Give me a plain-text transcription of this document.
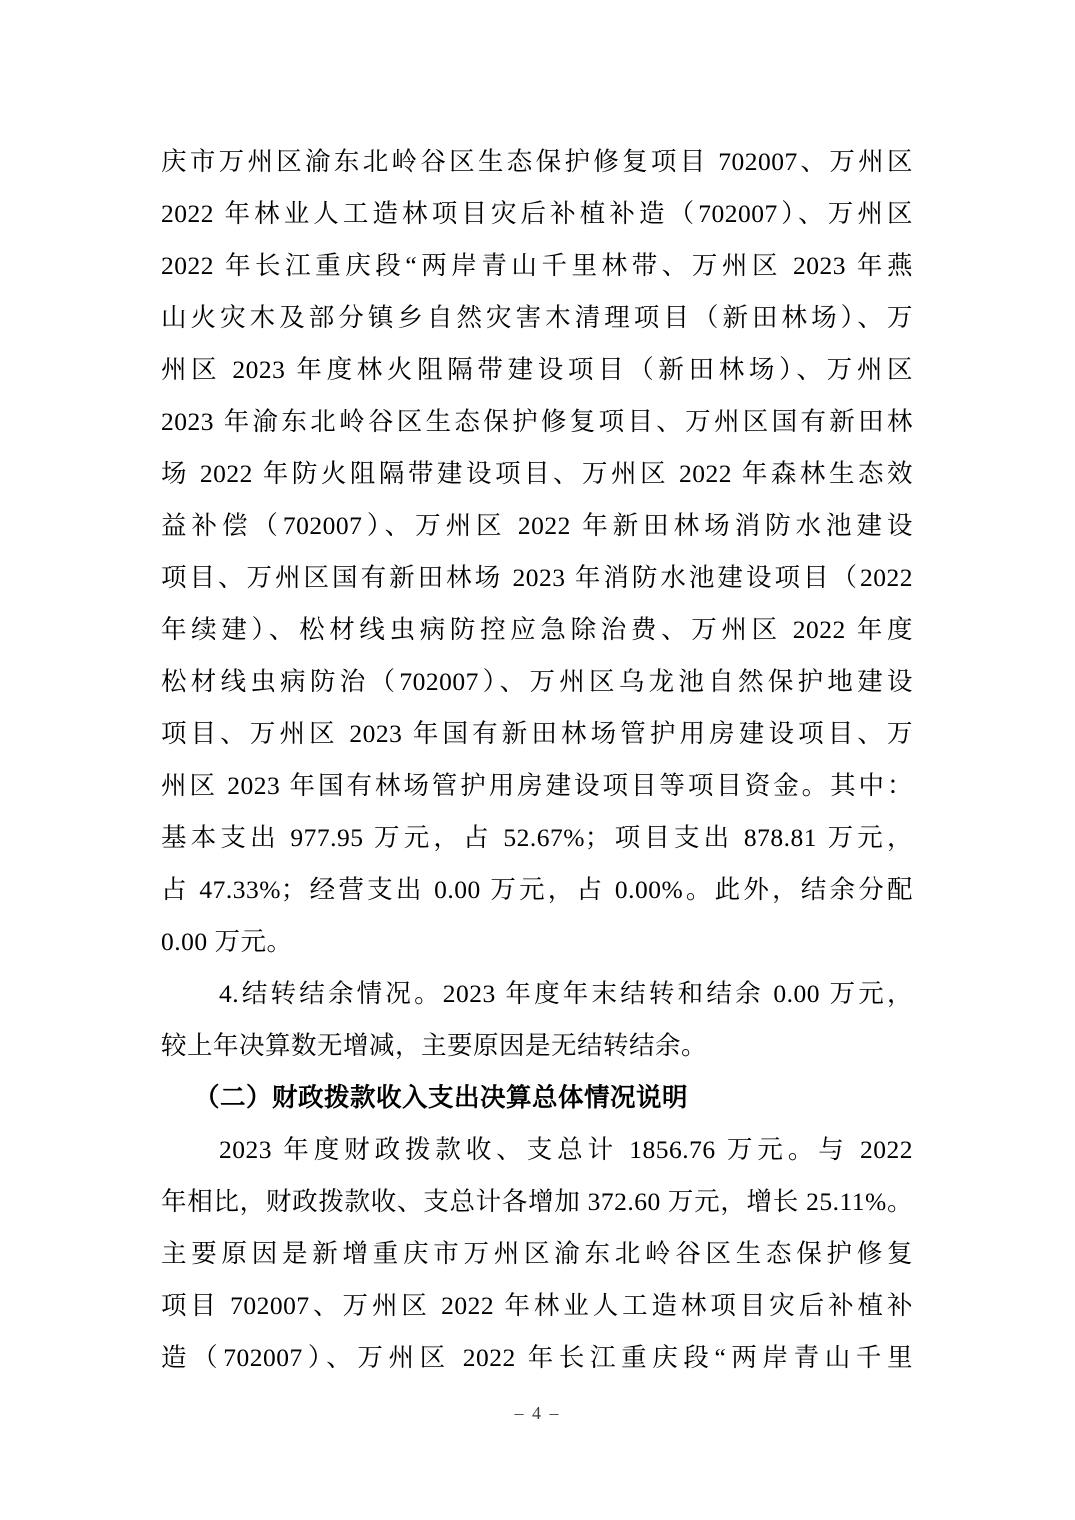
庆市万州区渝东北岭谷区生态保护修复项目 702007、万州区
2022 年林业人工造林项目灾后补植补造（702007）、万州区
2022 年长江重庆段“两岸青山千里林带、万州区 2023 年燕
山火灾木及部分镇乡自然灾害木清理项目（新田林场）、万
州区 2023 年度林火阻隔带建设项目（新田林场）、万州区
2023 年渝东北岭谷区生态保护修复项目、万州区国有新田林
场 2022 年防火阻隔带建设项目、万州区 2022 年森林生态效
益补偿（702007）、万州区 2022 年新田林场消防水池建设
项目、万州区国有新田林场 2023 年消防水池建设项目（2022
年续建）、松材线虫病防控应急除治费、万州区 2022 年度
松材线虫病防治（702007）、万州区乌龙池自然保护地建设
项目、万州区 2023 年国有新田林场管护用房建设项目、万
州区 2023 年国有林场管护用房建设项目等项目资金。其中：
基本支出 977.95 万元，占 52.67%；项目支出 878.81 万元，
占 47.33%；经营支出 0.00 万元，占 0.00%。此外，结余分配
0.00 万元。
4.结转结余情况。2023 年度年末结转和结余 0.00 万元，
较上年决算数无增减，主要原因是无结转结余。
（二）财政拨款收入支出决算总体情况说明
2023 年度财政拨款收、支总计 1856.76 万元。与 2022
年相比，财政拨款收、支总计各增加 372.60 万元，增长 25.11%。
主要原因是新增重庆市万州区渝东北岭谷区生态保护修复
项目 702007、万州区 2022 年林业人工造林项目灾后补植补
造（702007）、万州区 2022 年长江重庆段“两岸青山千里
– 4 –
